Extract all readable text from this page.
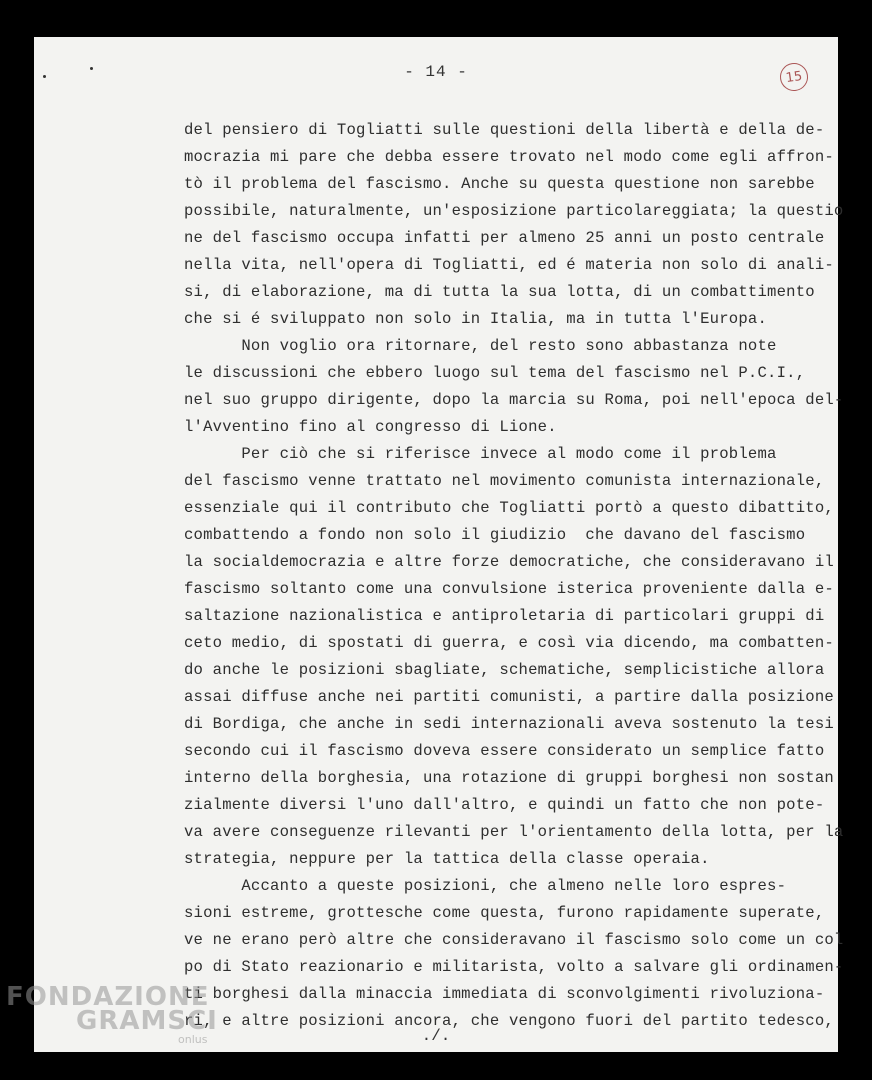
- 14 -	15
del pensiero di Togliatti sulle questioni della libertà e della de-
mocrazia mi pare che debba essere trovato nel modo come egli affron-
tò il problema del fascismo. Anche su questa questione non sarebbe
possibile, naturalmente, un'esposizione particolareggiata; la questio
ne del fascismo occupa infatti per almeno 25 anni un posto centrale
nella vita, nell'opera di Togliatti, ed é materia non solo di anali-
si, di elaborazione, ma di tutta la sua lotta, di un combattimento
che si é sviluppato non solo in Italia, ma in tutta l'Europa.
Non voglio ora ritornare, del resto sono abbastanza note
le discussioni che ebbero luogo sul tema del fascismo nel P.C.I.,
nel suo gruppo dirigente, dopo la marcia su Roma, poi nell'epoca del-
l'Avventino fino al congresso di Lione.
Per ciò che si riferisce invece al modo come il problema
del fascismo venne trattato nel movimento comunista internazionale,
essenziale qui il contributo che Togliatti portò a questo dibattito,
combattendo a fondo non solo il giudizio  che davano del fascismo
la socialdemocrazia e altre forze democratiche, che consideravano il
fascismo soltanto come una convulsione isterica proveniente dalla e-
saltazione nazionalistica e antiproletaria di particolari gruppi di
ceto medio, di spostati di guerra, e così via dicendo, ma combatten-
do anche le posizioni sbagliate, schematiche, semplicistiche allora
assai diffuse anche nei partiti comunisti, a partire dalla posizione
di Bordiga, che anche in sedi internazionali aveva sostenuto la tesi
secondo cui il fascismo doveva essere considerato un semplice fatto
interno della borghesia, una rotazione di gruppi borghesi non sostan
zialmente diversi l'uno dall'altro, e quindi un fatto che non pote-
va avere conseguenze rilevanti per l'orientamento della lotta, per la
strategia, neppure per la tattica della classe operaia.
Accanto a queste posizioni, che almeno nelle loro espres-
sioni estreme, grottesche come questa, furono rapidamente superate,
ve ne erano però altre che consideravano il fascismo solo come un col
po di Stato reazionario e militarista, volto a salvare gli ordinamen-
ti borghesi dalla minaccia immediata di sconvolgimenti rivoluziona-
ri, e altre posizioni ancora, che vengono fuori del partito tedesco,
./.
FONDAZIONE
GRAMSCI
onlus
